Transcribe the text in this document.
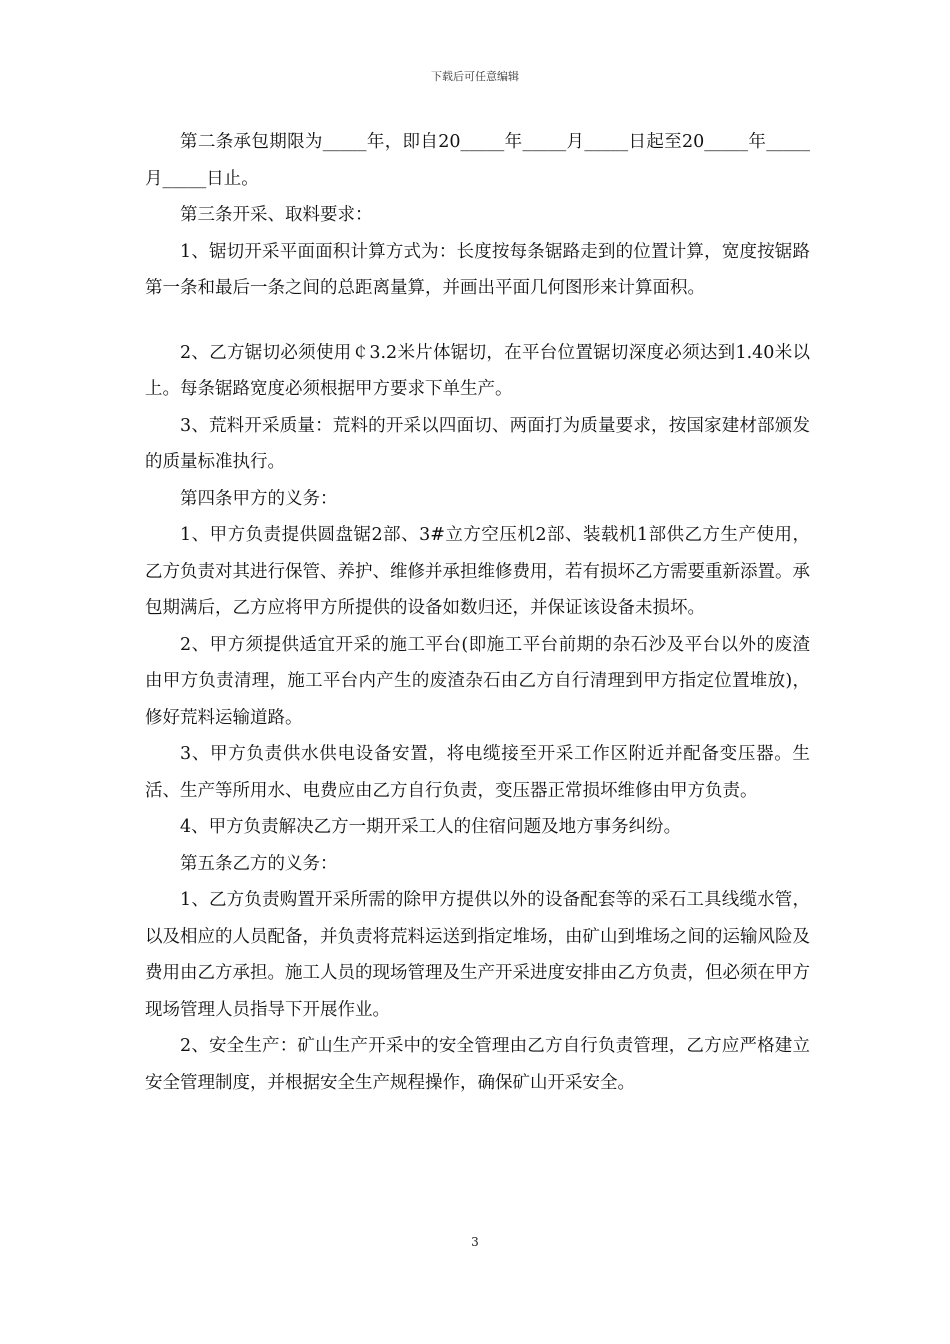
下载后可任意编辑

第二条承包期限为_____年，即自20_____年_____月_____日起至20_____年_____月_____日止。

第三条开采、取料要求：

1、锯切开采平面面积计算方式为：长度按每条锯路走到的位置计算，宽度按锯路第一条和最后一条之间的总距离量算，并画出平面几何图形来计算面积。

2、乙方锯切必须使用￠3.2米片体锯切，在平台位置锯切深度必须达到1.40米以上。每条锯路宽度必须根据甲方要求下单生产。

3、荒料开采质量：荒料的开采以四面切、两面打为质量要求，按国家建材部颁发的质量标准执行。

第四条甲方的义务：

1、甲方负责提供圆盘锯2部、3#立方空压机2部、装载机1部供乙方生产使用，乙方负责对其进行保管、养护、维修并承担维修费用，若有损坏乙方需要重新添置。承包期满后，乙方应将甲方所提供的设备如数归还，并保证该设备未损坏。

2、甲方须提供适宜开采的施工平台(即施工平台前期的杂石沙及平台以外的废渣由甲方负责清理，施工平台内产生的废渣杂石由乙方自行清理到甲方指定位置堆放)，修好荒料运输道路。

3、甲方负责供水供电设备安置，将电缆接至开采工作区附近并配备变压器。生活、生产等所用水、电费应由乙方自行负责，变压器正常损坏维修由甲方负责。

4、甲方负责解决乙方一期开采工人的住宿问题及地方事务纠纷。

第五条乙方的义务：

1、乙方负责购置开采所需的除甲方提供以外的设备配套等的采石工具线缆水管，以及相应的人员配备，并负责将荒料运送到指定堆场，由矿山到堆场之间的运输风险及费用由乙方承担。施工人员的现场管理及生产开采进度安排由乙方负责，但必须在甲方现场管理人员指导下开展作业。

2、安全生产：矿山生产开采中的安全管理由乙方自行负责管理，乙方应严格建立安全管理制度，并根据安全生产规程操作，确保矿山开采安全。

3
